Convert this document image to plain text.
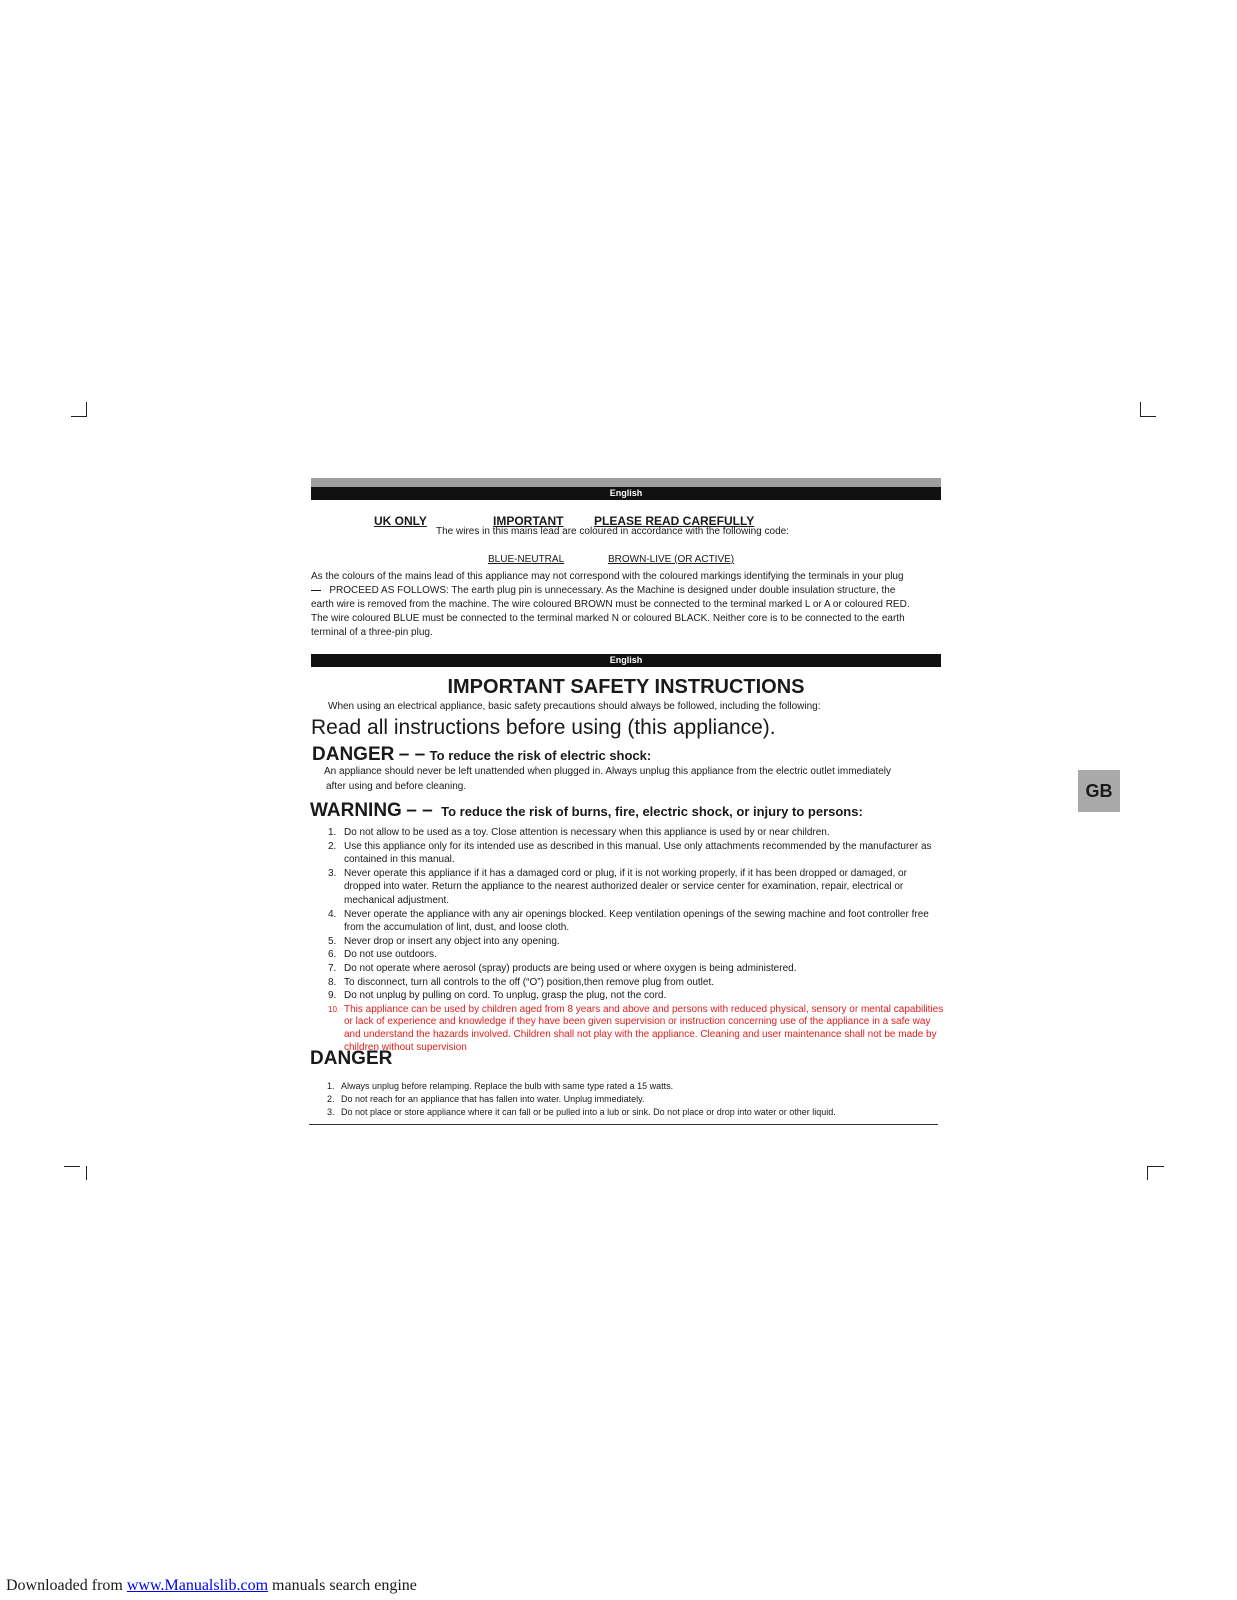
English
UK ONLY	IMPORTANT	PLEASE READ CAREFULLY
The wires in this mains lead are coloured in accordance with the following code:
BLUE-NEUTRAL	BROWN-LIVE (OR ACTIVE)

As the colours of the mains lead of this appliance may not correspond with the coloured markings identifying the terminals in your plug

— PROCEED AS FOLLOWS: The earth plug pin is unnecessary. As the Machine is designed under double insulation structure, the

earth wire is removed from the machine. The wire coloured BROWN must be connected to the terminal marked L or A or coloured RED.

The wire coloured BLUE must be connected to the terminal marked N or coloured BLACK. Neither core is to be connected to the earth

terminal of a three-pin plug.

English
IMPORTANT SAFETY INSTRUCTIONS
When using an electrical appliance, basic safety precautions should always be followed, including the following:
Read all instructions before using (this appliance).
DANGER – – To reduce the risk of electric shock:
An appliance should never be left unattended when plugged in. Always unplug this appliance from the electric outlet immediately
after using and before cleaning.
WARNING – – To reduce the risk of burns, fire, electric shock, or injury to persons:
1. Do not allow to be used as a toy. Close attention is necessary when this appliance is used by or near children.
2. Use this appliance only for its intended use as described in this manual. Use only attachments recommended by the manufacturer as contained in this manual.
3. Never operate this appliance if it has a damaged cord or plug, if it is not working properly, if it has been dropped or damaged, or dropped into water. Return the appliance to the nearest authorized dealer or service center for examination, repair, electrical or mechanical adjustment.
4. Never operate the appliance with any air openings blocked. Keep ventilation openings of the sewing machine and foot controller free from the accumulation of lint, dust, and loose cloth.
5. Never drop or insert any object into any opening.
6. Do not use outdoors.
7. Do not operate where aerosol (spray) products are being used or where oxygen is being administered.
8. To disconnect, turn all controls to the off (“O”) position,then remove plug from outlet.
9. Do not unplug by pulling on cord. To unplug, grasp the plug, not the cord.
10. This appliance can be used by children aged from 8 years and above and persons with reduced physical, sensory or mental capabilities or lack of experience and knowledge if they have been given supervision or instruction concerning use of the appliance in a safe way and understand the hazards involved. Children shall not play with the appliance. Cleaning and user maintenance shall not be made by children without supervision
DANGER
1. Always unplug before relamping. Replace the bulb with same type rated a 15 watts.
2. Do not reach for an appliance that has fallen into water. Unplug immediately.
3. Do not place or store appliance where it can fall or be pulled into a lub or sink. Do not place or drop into water or other liquid.
GB
Downloaded from www.Manualslib.com manuals search engine
